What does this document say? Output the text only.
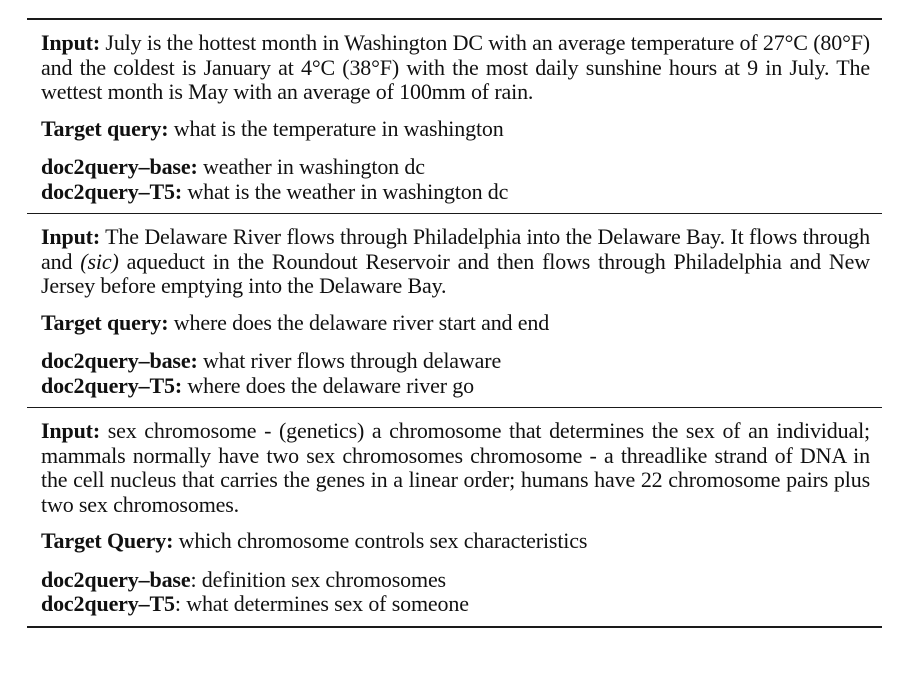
Input: July is the hottest month in Washington DC with an average temperature of 27°C (80°F) and the coldest is January at 4°C (38°F) with the most daily sunshine hours at 9 in July. The wettest month is May with an average of 100mm of rain.

Target query: what is the temperature in washington

doc2query–base: weather in washington dc

doc2query–T5: what is the weather in washington dc

Input: The Delaware River flows through Philadelphia into the Delaware Bay. It flows through and (sic) aqueduct in the Roundout Reservoir and then flows through Philadelphia and New Jersey before emptying into the Delaware Bay.

Target query: where does the delaware river start and end

doc2query–base: what river flows through delaware

doc2query–T5: where does the delaware river go

Input: sex chromosome - (genetics) a chromosome that determines the sex of an individual; mammals normally have two sex chromosomes chromosome - a threadlike strand of DNA in the cell nucleus that carries the genes in a linear order; humans have 22 chromosome pairs plus two sex chromosomes.

Target Query: which chromosome controls sex characteristics

doc2query–base: definition sex chromosomes

doc2query–T5: what determines sex of someone
